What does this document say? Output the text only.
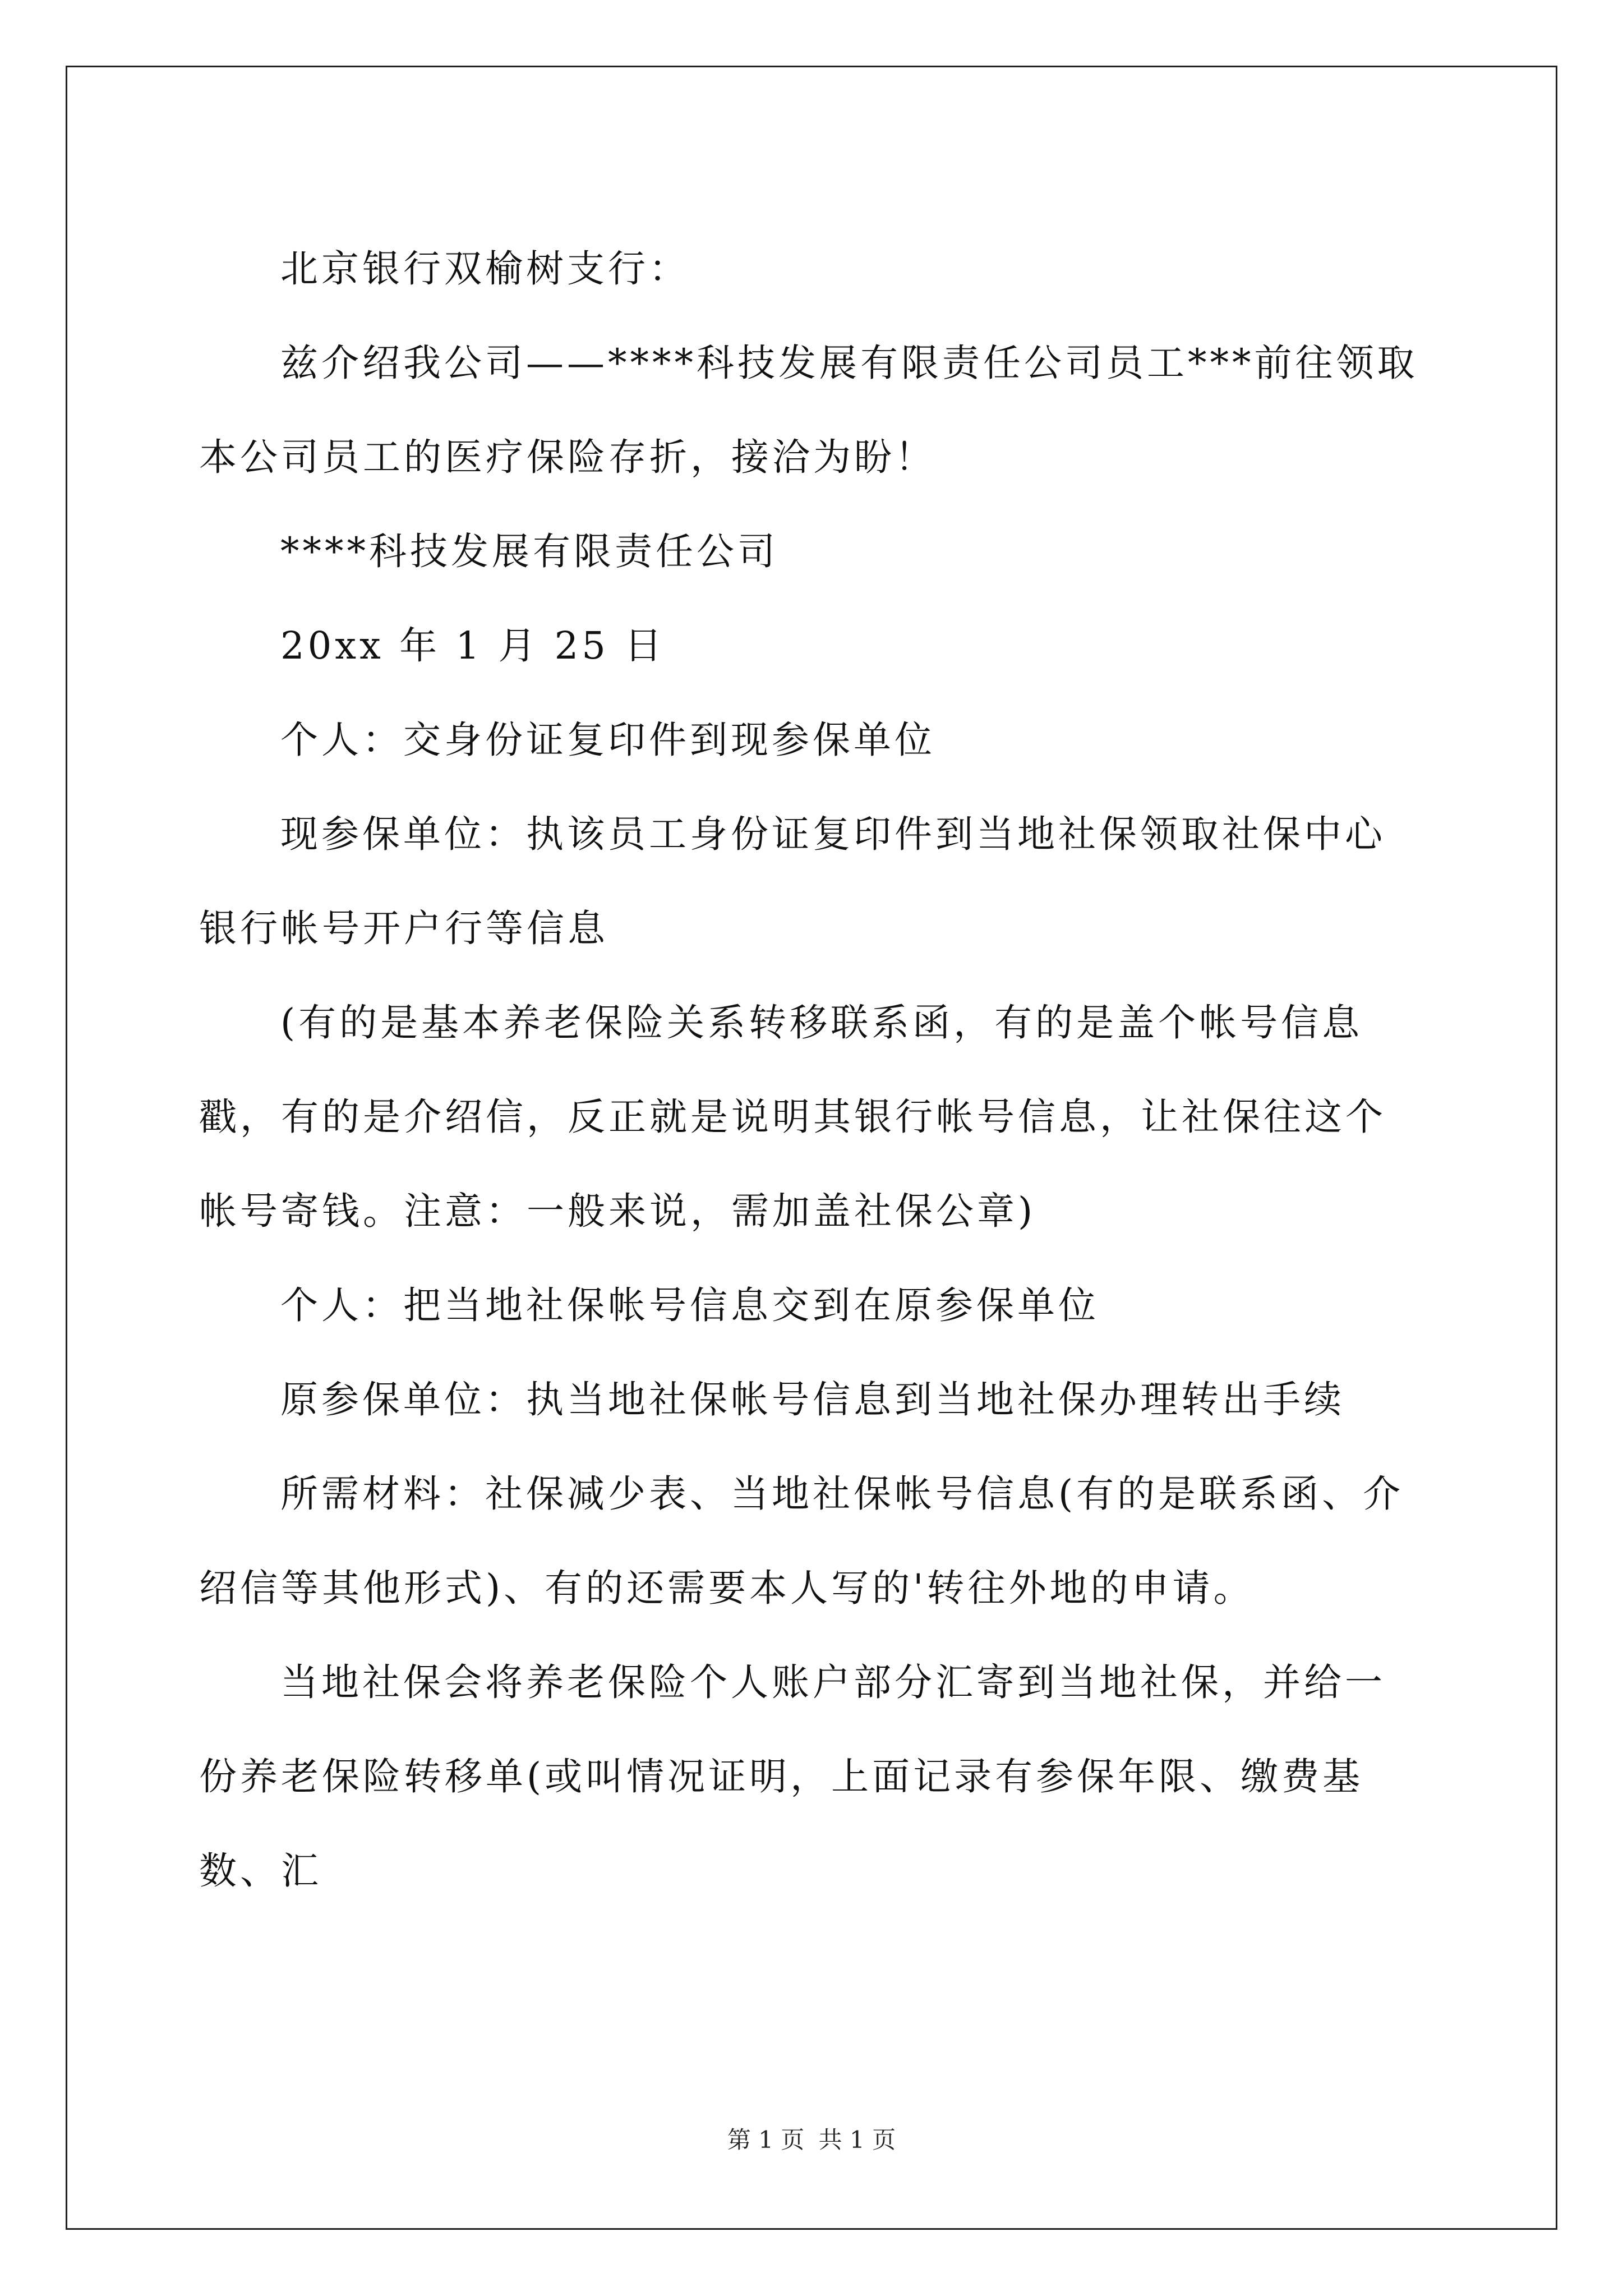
北京银行双榆树支行：

兹介绍我公司——****科技发展有限责任公司员工***前往领取本公司员工的医疗保险存折，接洽为盼！

****科技发展有限责任公司

20xx 年 1 月 25 日

个人：交身份证复印件到现参保单位

现参保单位：执该员工身份证复印件到当地社保领取社保中心银行帐号开户行等信息

(有的是基本养老保险关系转移联系函，有的是盖个帐号信息戳，有的是介绍信，反正就是说明其银行帐号信息，让社保往这个帐号寄钱。注意：一般来说，需加盖社保公章)

个人：把当地社保帐号信息交到在原参保单位

原参保单位：执当地社保帐号信息到当地社保办理转出手续

所需材料：社保减少表、当地社保帐号信息(有的是联系函、介绍信等其他形式)、有的还需要本人写的'转往外地的申请。

当地社保会将养老保险个人账户部分汇寄到当地社保，并给一份养老保险转移单(或叫情况证明，上面记录有参保年限、缴费基数、汇

第 1 页 共 1 页
